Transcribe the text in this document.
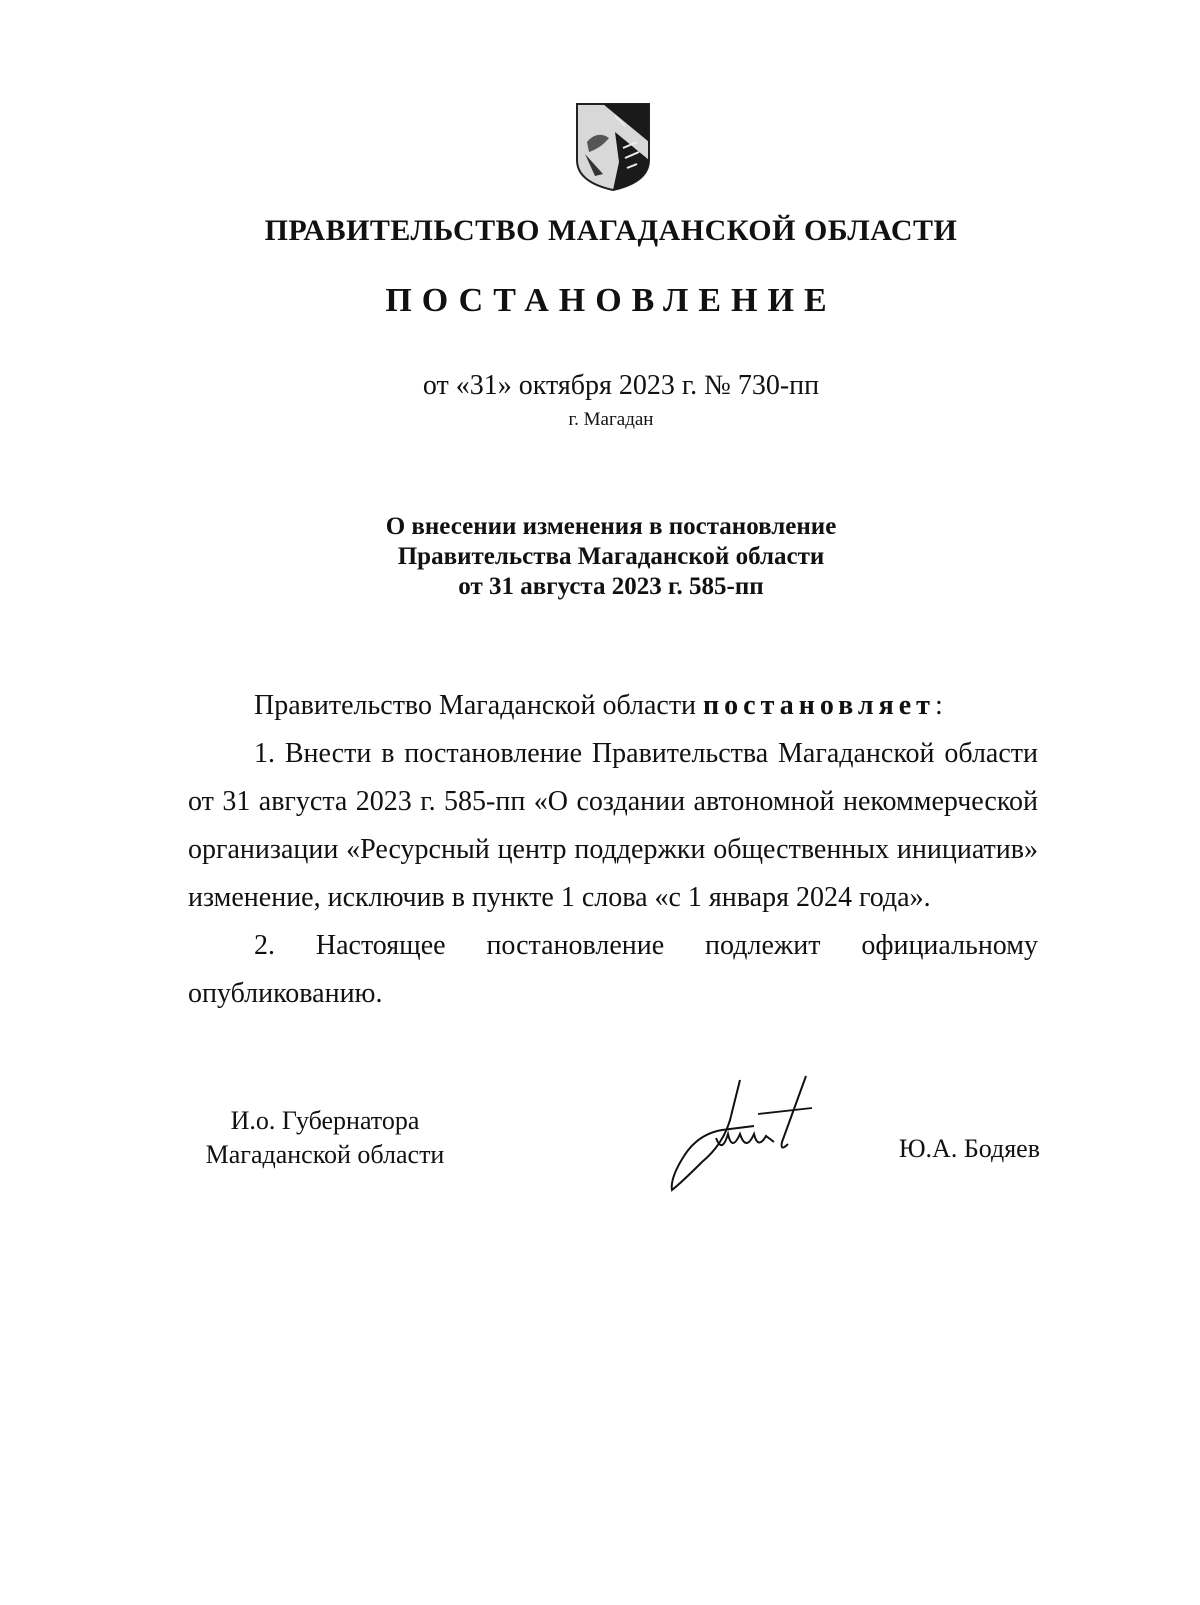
ПРАВИТЕЛЬСТВО МАГАДАНСКОЙ ОБЛАСТИ
ПОСТАНОВЛЕНИЕ
от «31» октября 2023 г. № 730-пп
г. Магадан
О внесении изменения в постановление
Правительства Магаданской области
от 31 августа 2023 г. 585-пп

Правительство Магаданской области постановляет:

1. Внести в постановление Правительства Магаданской области от 31 августа 2023 г. 585-пп «О создании автономной некоммерческой организации «Ресурсный центр поддержки общественных инициатив» изменение, исключив в пункте 1 слова «с 1 января 2024 года».

2. Настоящее постановление подлежит официальному опубликованию.

И.о. Губернатора
Магаданской области	Ю.А. Бодяев
